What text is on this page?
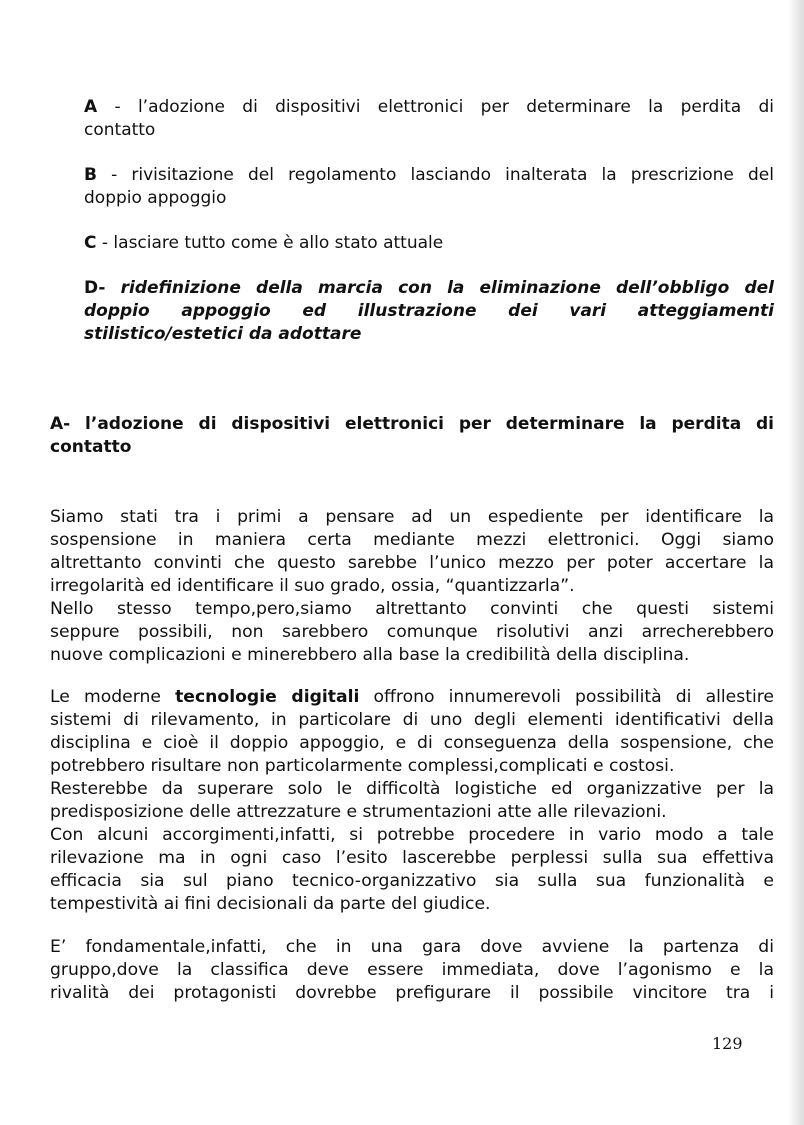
A - l’adozione di dispositivi elettronici per determinare la perdita di
contatto
B - rivisitazione del regolamento lasciando inalterata la prescrizione del
doppio appoggio
C - lasciare tutto come è allo stato attuale
D- ridefinizione della marcia con la eliminazione dell’obbligo del
doppio appoggio ed illustrazione dei vari atteggiamenti
stilistico/estetici da adottare
A- l’adozione di dispositivi elettronici per determinare la perdita di
contatto
Siamo stati tra i primi a pensare ad un espediente per identificare la
sospensione in maniera certa mediante mezzi elettronici. Oggi siamo
altrettanto convinti che questo sarebbe l’unico mezzo per poter accertare la
irregolarità ed identificare il suo grado, ossia, “quantizzarla”.
Nello stesso tempo,pero,siamo altrettanto convinti che questi sistemi
seppure possibili, non sarebbero comunque risolutivi anzi arrecherebbero
nuove complicazioni e minerebbero alla base la credibilità della disciplina.
Le moderne tecnologie digitali offrono innumerevoli possibilità di allestire
sistemi di rilevamento, in particolare di uno degli elementi identificativi della
disciplina e cioè il doppio appoggio, e di conseguenza della sospensione, che
potrebbero risultare non particolarmente complessi,complicati e costosi.
Resterebbe da superare solo le difficoltà logistiche ed organizzative per la
predisposizione delle attrezzature e strumentazioni atte alle rilevazioni.
Con alcuni accorgimenti,infatti, si potrebbe procedere in vario modo a tale
rilevazione ma in ogni caso l’esito lascerebbe perplessi sulla sua effettiva
efficacia sia sul piano tecnico-organizzativo sia sulla sua funzionalità e
tempestività ai fini decisionali da parte del giudice.
E’ fondamentale,infatti, che in una gara dove avviene la partenza di
gruppo,dove la classifica deve essere immediata, dove l’agonismo e la
rivalità dei protagonisti dovrebbe prefigurare il possibile vincitore tra i
129
